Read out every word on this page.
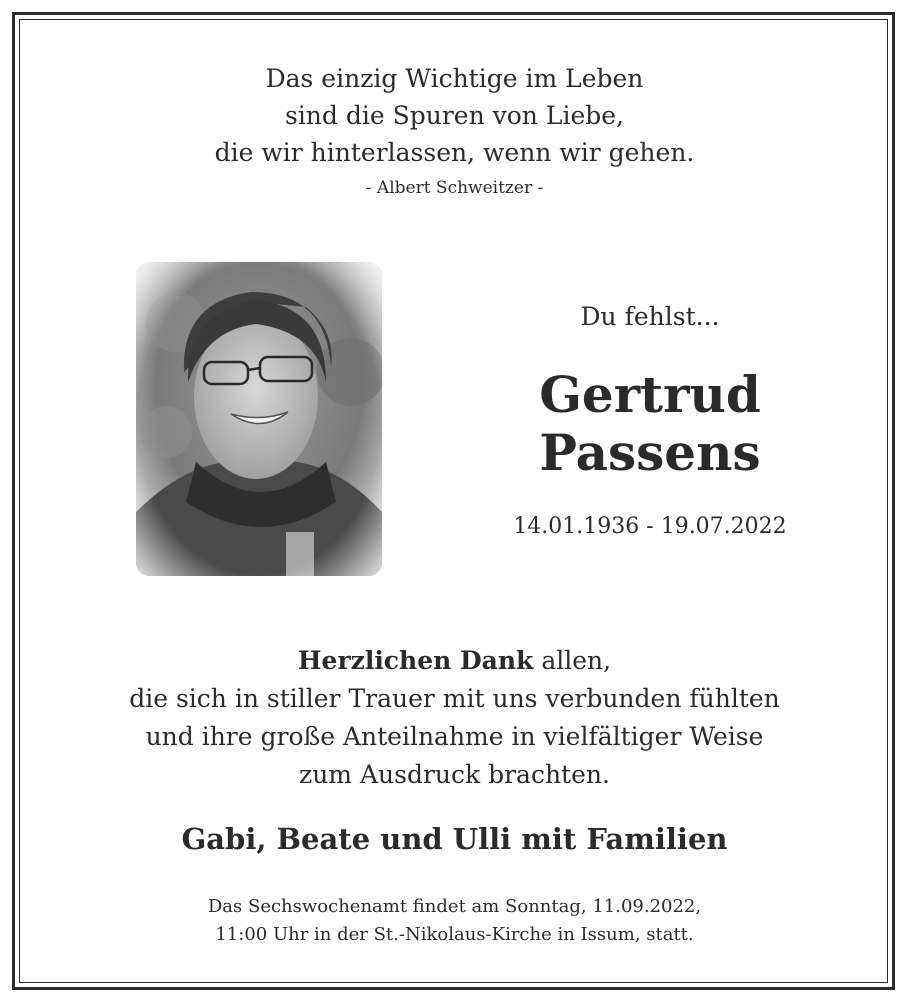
Das einzig Wichtige im Leben
sind die Spuren von Liebe,
die wir hinterlassen, wenn wir gehen.
- Albert Schweitzer -
Du fehlst...
Gertrud
Passens
14.01.1936 - 19.07.2022
Herzlichen Dank allen,
die sich in stiller Trauer mit uns verbunden fühlten
und ihre große Anteilnahme in vielfältiger Weise
zum Ausdruck brachten.
Gabi, Beate und Ulli mit Familien
Das Sechswochenamt findet am Sonntag, 11.09.2022,
11:00 Uhr in der St.-Nikolaus-Kirche in Issum, statt.
